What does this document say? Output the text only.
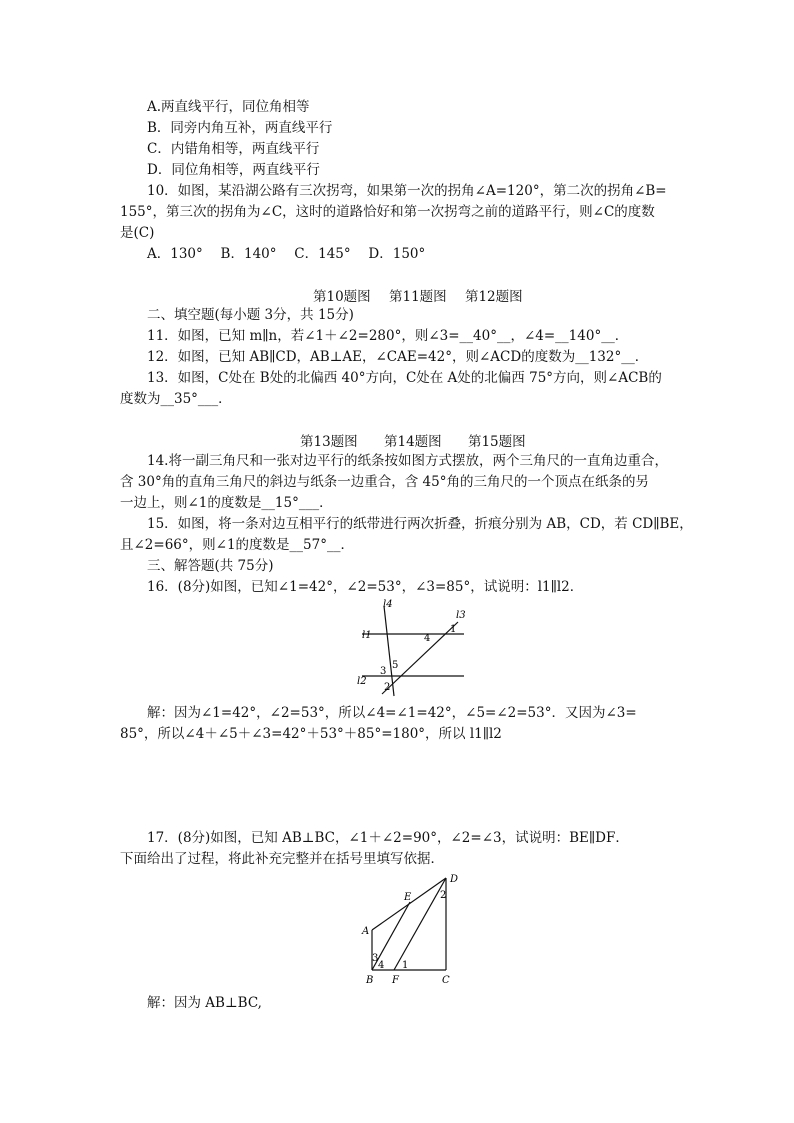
A.两直线平行，同位角相等
B．同旁内角互补，两直线平行
C．内错角相等，两直线平行
D．同位角相等，两直线平行
10．如图，某沿湖公路有三次拐弯，如果第一次的拐角∠A=120°，第二次的拐角∠B=
155°，第三次的拐角为∠C，这时的道路恰好和第一次拐弯之前的道路平行，则∠C的度数
是(C)
A．130°　 B．140°　 C．145°　 D．150°
第10题图 第11题图 第12题图
二、填空题(每小题 3分，共 15分)
11．如图，已知 m∥n，若∠1＋∠2=280°，则∠3=__40°__，∠4=__140°__．
12．如图，已知 AB∥CD，AB⊥AE，∠CAE=42°，则∠ACD的度数为__132°__．
13．如图，C处在 B处的北偏西 40°方向，C处在 A处的北偏西 75°方向，则∠ACB的
度数为__35°___．
第13题图 第14题图 第15题图
14.将一副三角尺和一张对边平行的纸条按如图方式摆放，两个三角尺的一直角边重合，
含 30°角的直角三角尺的斜边与纸条一边重合，含 45°角的三角尺的一个顶点在纸条的另
一边上，则∠1的度数是__15°___．
15．如图，将一条对边互相平行的纸带进行两次折叠，折痕分别为 AB，CD，若 CD∥BE，
且∠2=66°，则∠1的度数是__57°__．
三、解答题(共 75分)
16．(8分)如图，已知∠1=42°，∠2=53°，∠3=85°，试说明：l1∥l2．
l4
l3
l1
l2
1
4
3
5
2
解：因为∠1=42°，∠2=53°，所以∠4=∠1=42°，∠5=∠2=53°．又因为∠3=
85°，所以∠4＋∠5＋∠3=42°＋53°＋85°=180°，所以 l1∥l2
17．(8分)如图，已知 AB⊥BC，∠1＋∠2=90°，∠2=∠3，试说明：BE∥DF．
下面给出了过程，将此补充完整并在括号里填写依据．
D
E
A
B F	C
2
1
3
4
解：因为 AB⊥BC,
